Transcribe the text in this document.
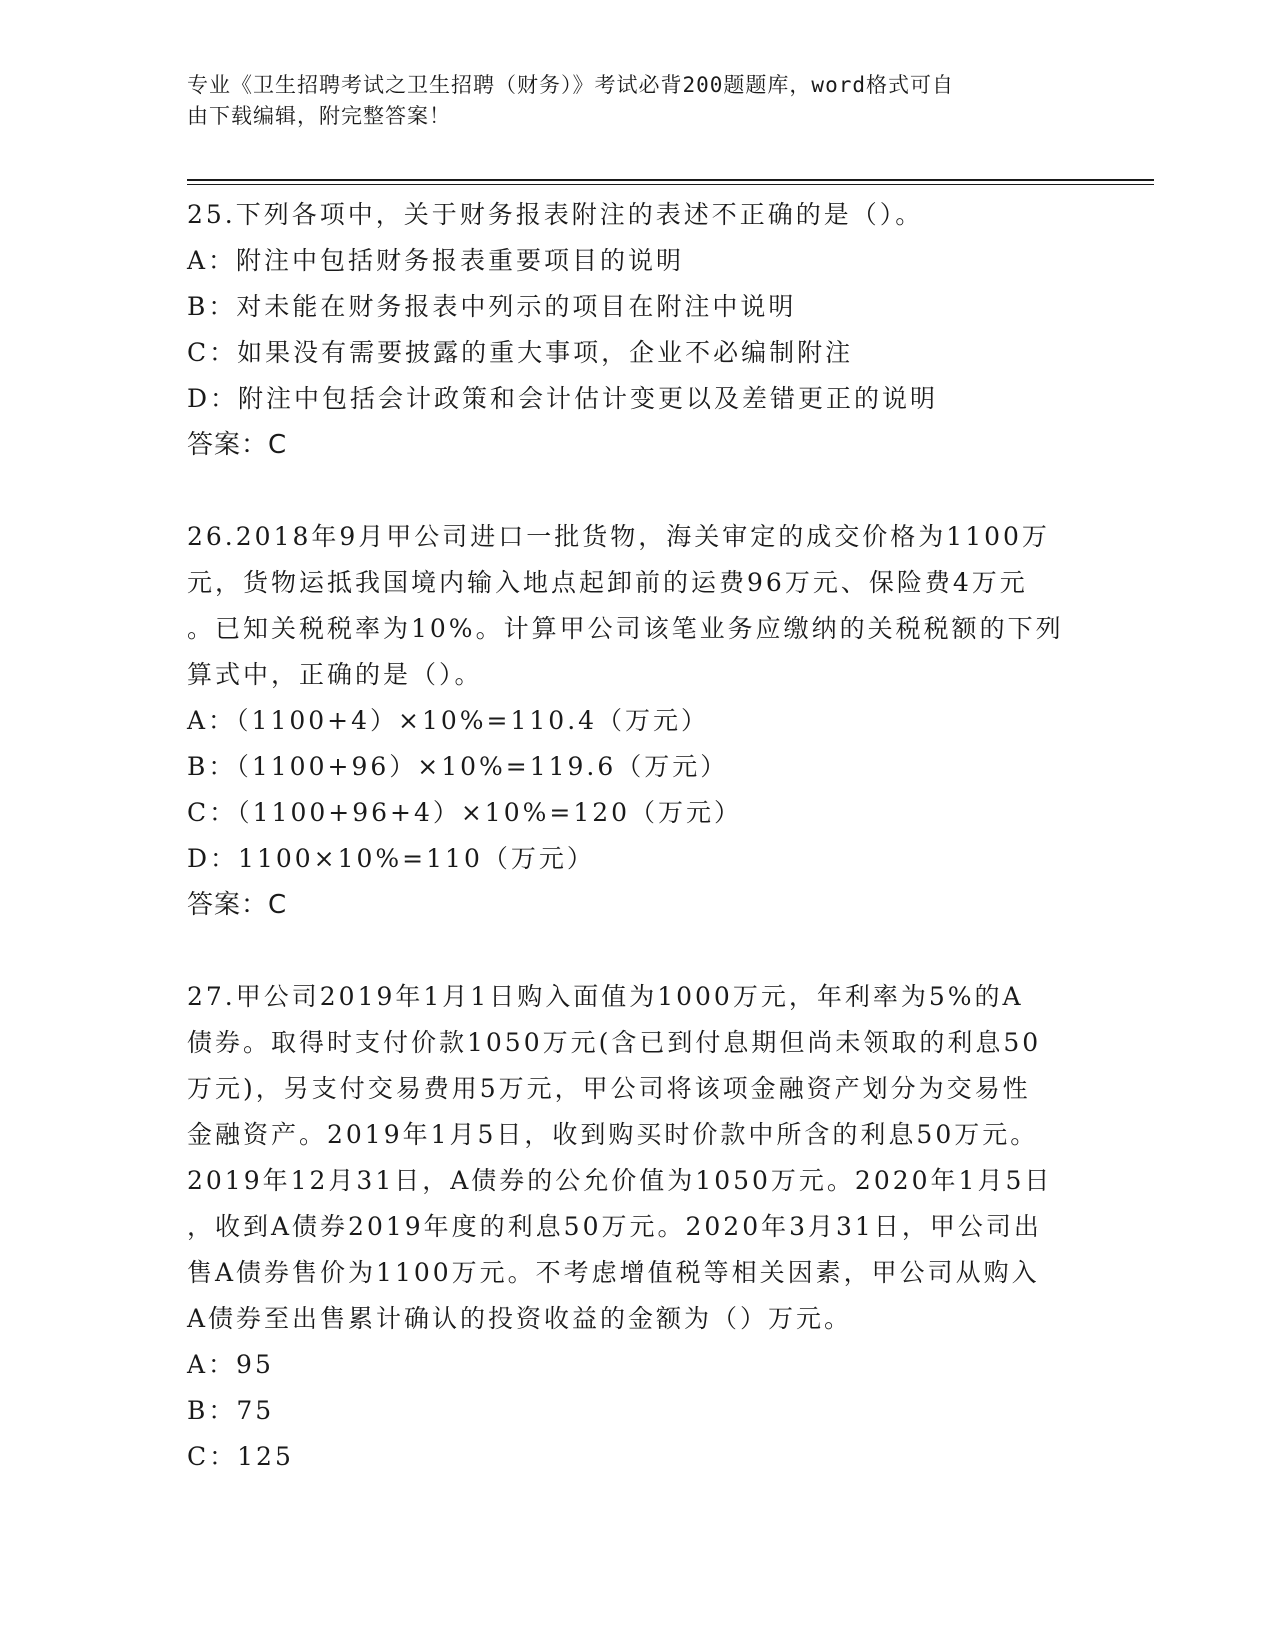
专业《卫生招聘考试之卫生招聘（财务）》考试必背200题题库，word格式可自
由下载编辑，附完整答案！
25.下列各项中，关于财务报表附注的表述不正确的是（）。
A：附注中包括财务报表重要项目的说明
B：对未能在财务报表中列示的项目在附注中说明
C：如果没有需要披露的重大事项，企业不必编制附注
D：附注中包括会计政策和会计估计变更以及差错更正的说明
答案：C
26.2018年9月甲公司进口一批货物，海关审定的成交价格为1100万
元，货物运抵我国境内输入地点起卸前的运费96万元、保险费4万元
。已知关税税率为10%。计算甲公司该笔业务应缴纳的关税税额的下列
算式中，正确的是（）。
A：（1100+4）×10%=110.4（万元）
B：（1100+96）×10%=119.6（万元）
C：（1100+96+4）×10%=120（万元）
D：1100×10%=110（万元）
答案：C
27.甲公司2019年1月1日购入面值为1000万元，年利率为5%的A
债券。取得时支付价款1050万元(含已到付息期但尚未领取的利息50
万元)，另支付交易费用5万元，甲公司将该项金融资产划分为交易性
金融资产。2019年1月5日，收到购买时价款中所含的利息50万元。
2019年12月31日，A债券的公允价值为1050万元。2020年1月5日
，收到A债券2019年度的利息50万元。2020年3月31日，甲公司出
售A债券售价为1100万元。不考虑增值税等相关因素，甲公司从购入
A债券至出售累计确认的投资收益的金额为（）万元。
A：95
B：75
C：125
